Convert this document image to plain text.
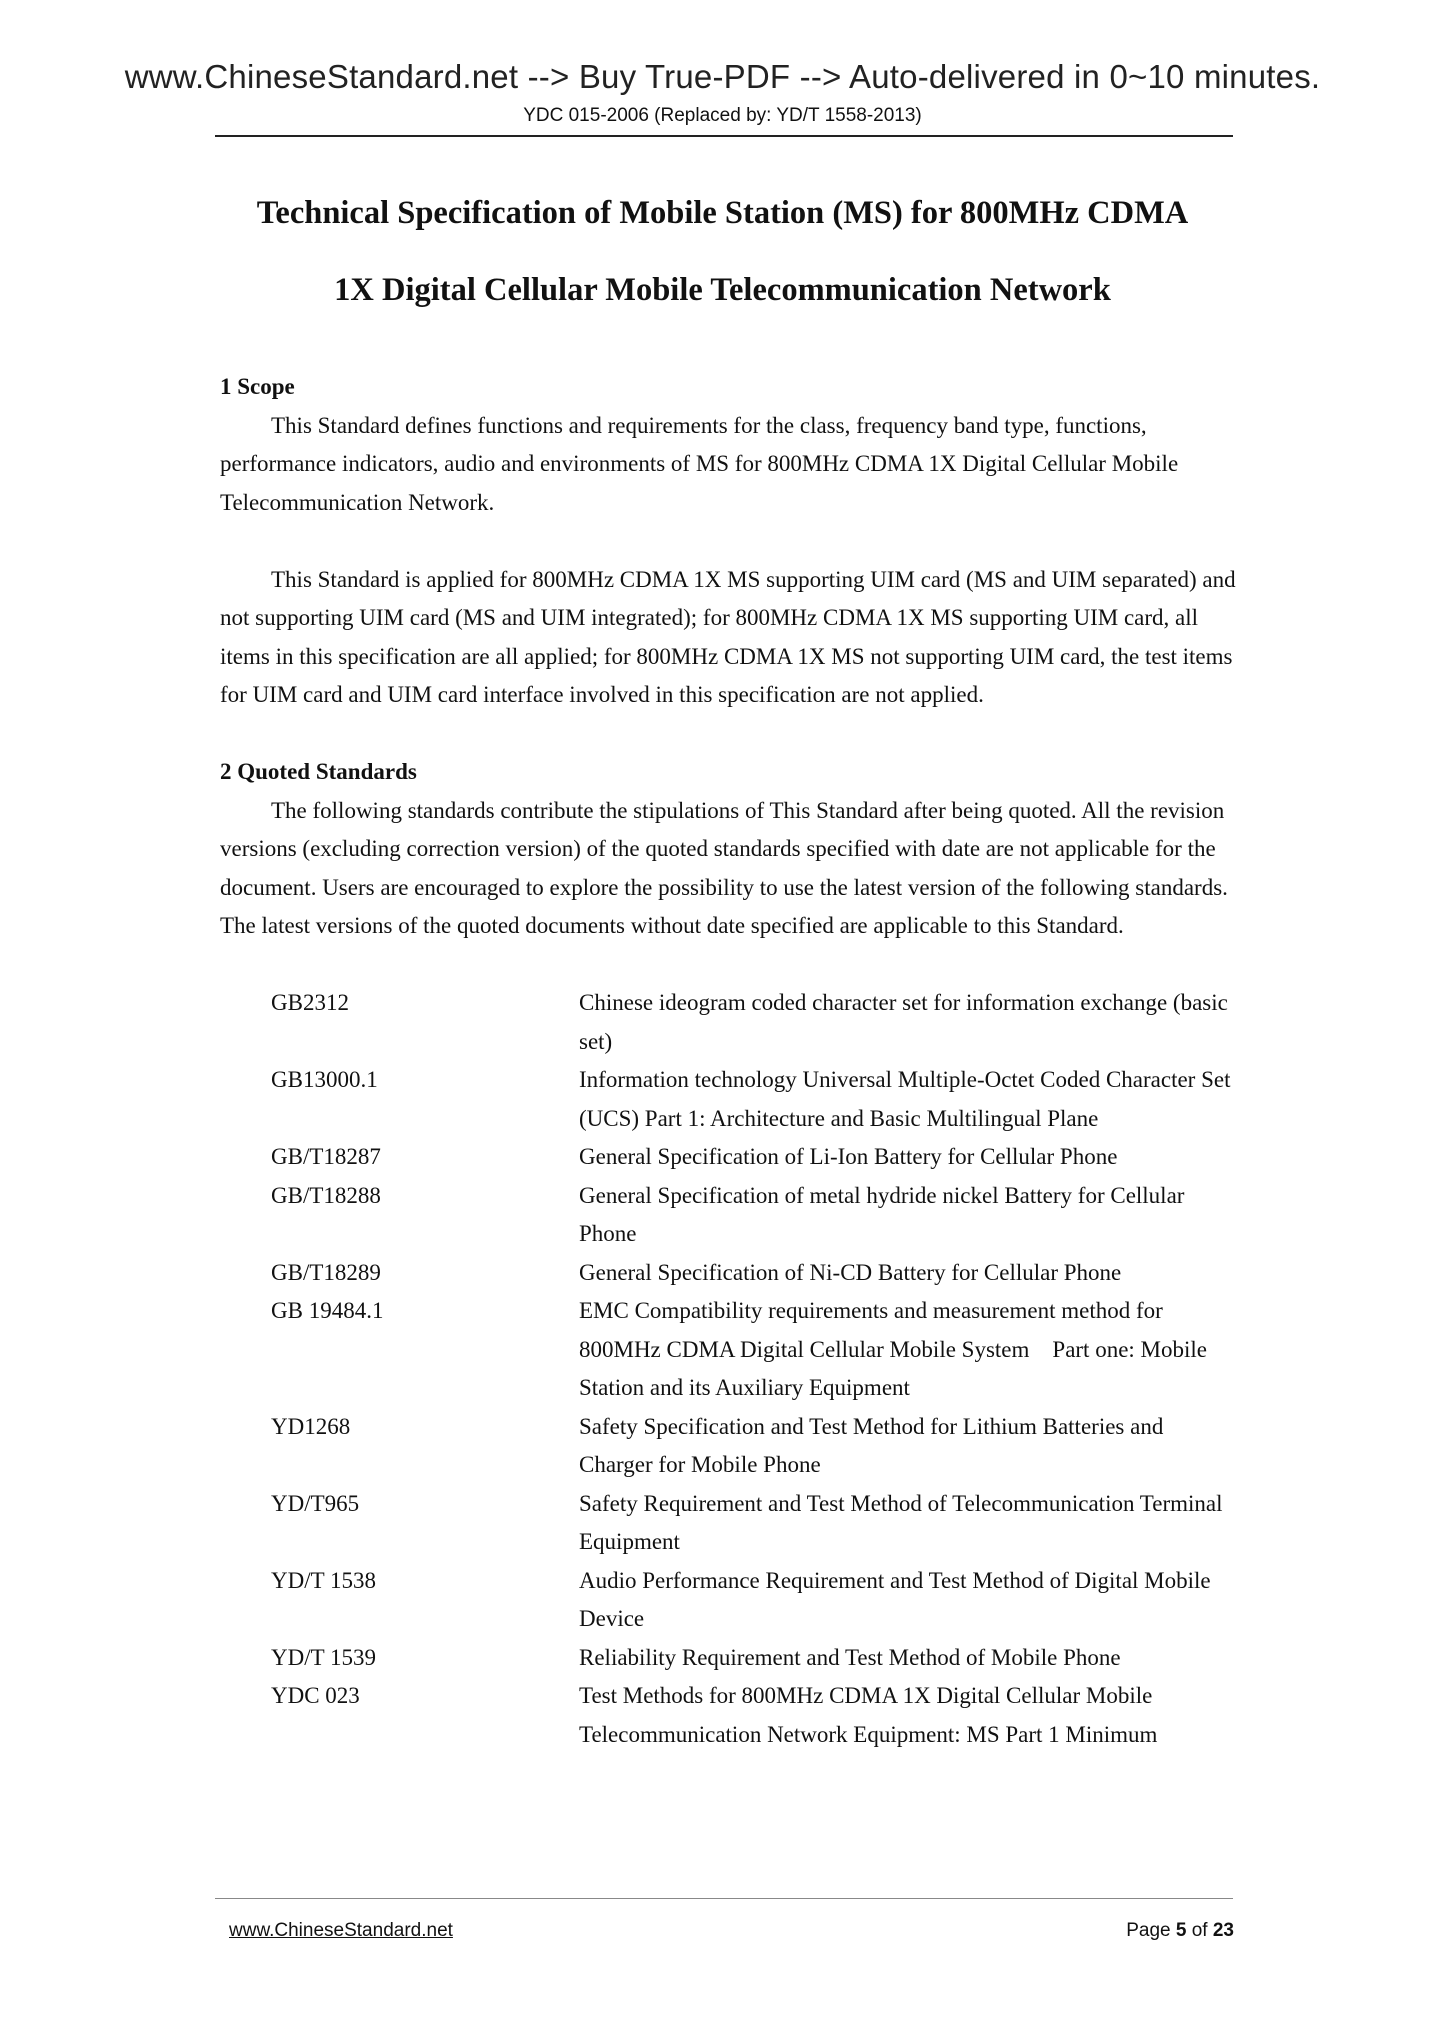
www.ChineseStandard.net --> Buy True-PDF --> Auto-delivered in 0~10 minutes.
YDC 015-2006 (Replaced by: YD/T 1558-2013)
Technical Specification of Mobile Station (MS) for 800MHz CDMA
1X Digital Cellular Mobile Telecommunication Network

1 Scope

This Standard defines functions and requirements for the class, frequency band type, functions, performance indicators, audio and environments of MS for 800MHz CDMA 1X Digital Cellular Mobile Telecommunication Network.

This Standard is applied for 800MHz CDMA 1X MS supporting UIM card (MS and UIM separated) and not supporting UIM card (MS and UIM integrated); for 800MHz CDMA 1X MS supporting UIM card, all items in this specification are all applied; for 800MHz CDMA 1X MS not supporting UIM card, the test items for UIM card and UIM card interface involved in this specification are not applied.

2 Quoted Standards

The following standards contribute the stipulations of This Standard after being quoted. All the revision versions (excluding correction version) of the quoted standards specified with date are not applicable for the document. Users are encouraged to explore the possibility to use the latest version of the following standards. The latest versions of the quoted documents without date specified are applicable to this Standard.

GB2312	Chinese ideogram coded character set for information exchange (basic set)
GB13000.1	Information technology Universal Multiple-Octet Coded Character Set (UCS) Part 1: Architecture and Basic Multilingual Plane
GB/T18287	General Specification of Li-Ion Battery for Cellular Phone
GB/T18288	General Specification of metal hydride nickel Battery for Cellular Phone
GB/T18289	General Specification of Ni-CD Battery for Cellular Phone
GB 19484.1	EMC Compatibility requirements and measurement method for 800MHz CDMA Digital Cellular Mobile System    Part one: Mobile Station and its Auxiliary Equipment
YD1268	Safety Specification and Test Method for Lithium Batteries and Charger for Mobile Phone
YD/T965	Safety Requirement and Test Method of Telecommunication Terminal Equipment
YD/T 1538	Audio Performance Requirement and Test Method of Digital Mobile Device
YD/T 1539	Reliability Requirement and Test Method of Mobile Phone
YDC 023	Test Methods for 800MHz CDMA 1X Digital Cellular Mobile Telecommunication Network Equipment: MS Part 1 Minimum
www.ChineseStandard.net	Page 5 of 23
